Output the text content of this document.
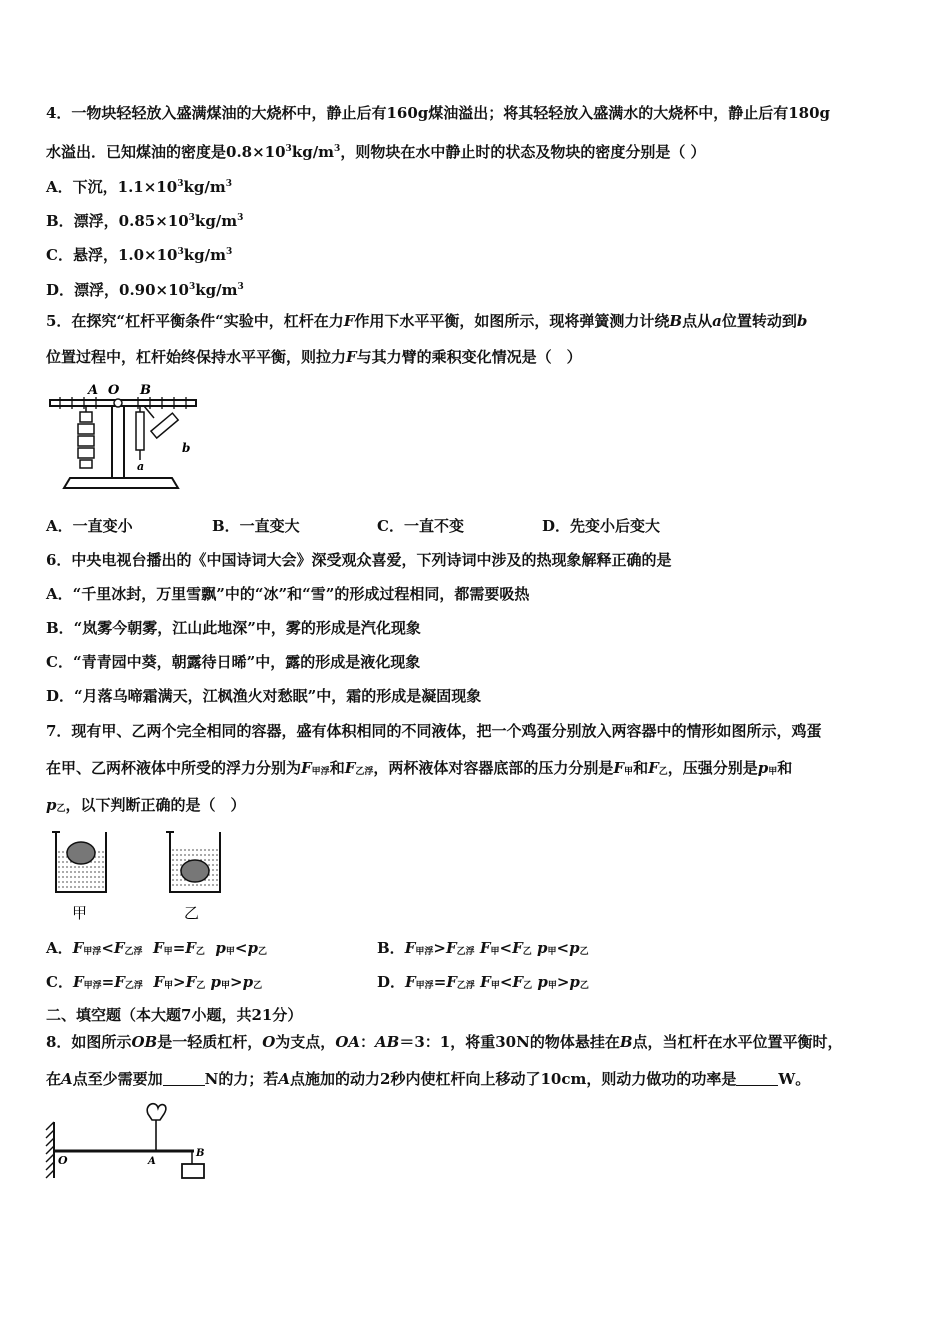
4．一物块轻轻放入盛满煤油的大烧杯中，静止后有160g煤油溢出；将其轻轻放入盛满水的大烧杯中，静止后有180g
水溢出．已知煤油的密度是$0.8\times 10^3kg/m^3$，则物块在水中静止时的状态及物块的密度分别是（ ）
A．下沉，$1.1\times 10^3kg/m^3$
B．漂浮，$0.85\times 10^3kg/m^3$
C．悬浮，$1.0\times 10^3kg/m^3$
D．漂浮，$0.90\times 10^3kg/m^3$
5．在探究“杠杆平衡条件“实验中，杠杆在力F作用下水平平衡，如图所示，现将弹簧测力计绕B点从a位置转动到b
位置过程中，杠杆始终保持水平平衡，则拉力F与其力臂的乘积变化情况是（　）
A O B
a
b
A．一直变小	B．一直变大	C．一直不变	D．先变小后变大
6．中央电视台播出的《中国诗词大会》深受观众喜爱，下列诗词中涉及的热现象解释正确的是
A．“千里冰封，万里雪飘”中的“冰”和“雪”的形成过程相同，都需要吸热
B．“岚雾今朝雾，江山此地深”中，雾的形成是汽化现象
C．“青青园中葵，朝露待日晞”中，露的形成是液化现象
D．“月落乌啼霜满天，江枫渔火对愁眠”中，霜的形成是凝固现象
7．现有甲、乙两个完全相同的容器，盛有体积相同的不同液体，把一个鸡蛋分别放入两容器中的情形如图所示，鸡蛋
在甲、乙两杯液体中所受的浮力分别为F甲浮和F乙浮，两杯液体对容器底部的压力分别是F甲和F乙，压强分别是p甲和
p乙，以下判断正确的是（　）
甲	乙
A．F甲浮<F乙浮 F甲=F乙 p甲<p乙	B．F甲浮>F乙浮 F甲<F乙 p甲<p乙
C．F甲浮=F乙浮 F甲>F乙 p甲>p乙	D．F甲浮=F乙浮 F甲<F乙 p甲>p乙
二、填空题（本大题7小题，共21分）
8．如图所示OB是一轻质杠杆，O为支点，OA：AB＝3：1，将重30N的物体悬挂在B点，当杠杆在水平位置平衡时，
在A点至少需要加	N的力；若A点施加的动力2秒内使杠杆向上移动了10cm，则动力做功的功率是	W。
O	A
B
